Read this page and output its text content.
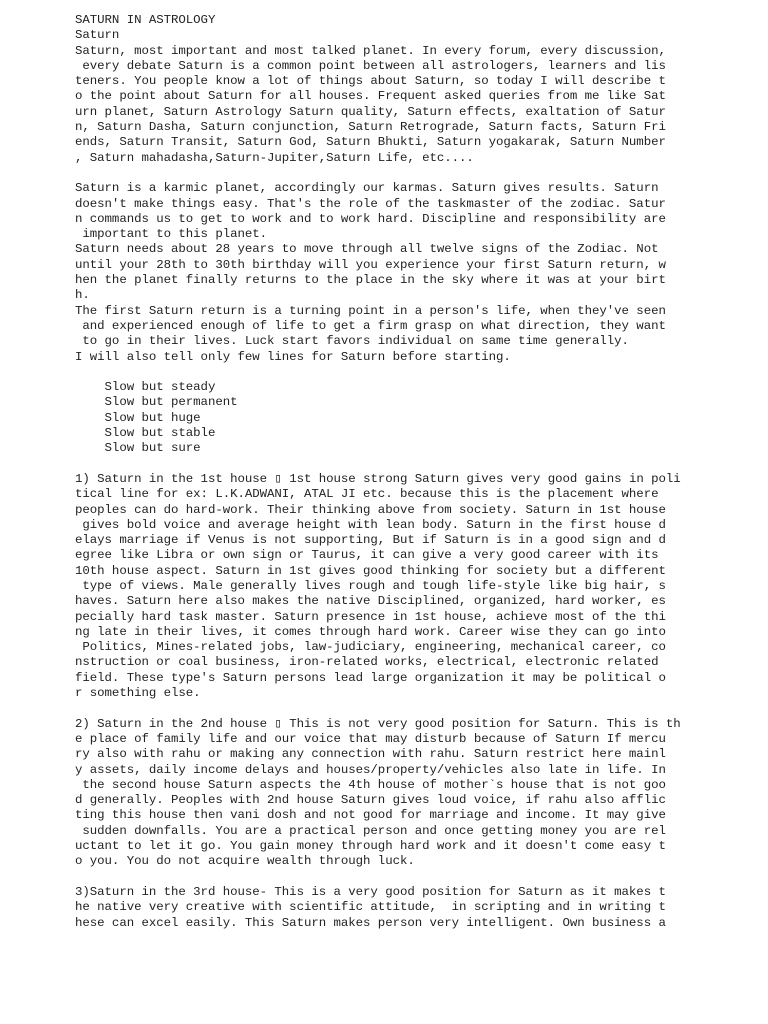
SATURN IN ASTROLOGY
Saturn
Saturn, most important and most talked planet. In every forum, every discussion,
every debate Saturn is a common point between all astrologers, learners and lis
teners. You people know a lot of things about Saturn, so today I will describe t
o the point about Saturn for all houses. Frequent asked queries from me like Sat
urn planet, Saturn Astrology Saturn quality, Saturn effects, exaltation of Satur
n, Saturn Dasha, Saturn conjunction, Saturn Retrograde, Saturn facts, Saturn Fri
ends, Saturn Transit, Saturn God, Saturn Bhukti, Saturn yogakarak, Saturn Number
, Saturn mahadasha,Saturn-Jupiter,Saturn Life, etc....
Saturn is a karmic planet, accordingly our karmas. Saturn gives results. Saturn
doesn't make things easy. That's the role of the taskmaster of the zodiac. Satur
n commands us to get to work and to work hard. Discipline and responsibility are
important to this planet.
Saturn needs about 28 years to move through all twelve signs of the Zodiac. Not
until your 28th to 30th birthday will you experience your first Saturn return, w
hen the planet finally returns to the place in the sky where it was at your birt
h.
The first Saturn return is a turning point in a person's life, when they've seen
and experienced enough of life to get a firm grasp on what direction, they want
to go in their lives. Luck start favors individual on same time generally.
I will also tell only few lines for Saturn before starting.
Slow but steady
Slow but permanent
Slow but huge
Slow but stable
Slow but sure
1) Saturn in the 1st house ▯ 1st house strong Saturn gives very good gains in poli
tical line for ex: L.K.ADWANI, ATAL JI etc. because this is the placement where
peoples can do hard-work. Their thinking above from society. Saturn in 1st house
gives bold voice and average height with lean body. Saturn in the first house d
elays marriage if Venus is not supporting, But if Saturn is in a good sign and d
egree like Libra or own sign or Taurus, it can give a very good career with its
10th house aspect. Saturn in 1st gives good thinking for society but a different
type of views. Male generally lives rough and tough life-style like big hair, s
haves. Saturn here also makes the native Disciplined, organized, hard worker, es
pecially hard task master. Saturn presence in 1st house, achieve most of the thi
ng late in their lives, it comes through hard work. Career wise they can go into
Politics, Mines-related jobs, law-judiciary, engineering, mechanical career, co
nstruction or coal business, iron-related works, electrical, electronic related
field. These type's Saturn persons lead large organization it may be political o
r something else.
2) Saturn in the 2nd house ▯ This is not very good position for Saturn. This is th
e place of family life and our voice that may disturb because of Saturn If mercu
ry also with rahu or making any connection with rahu. Saturn restrict here mainl
y assets, daily income delays and houses/property/vehicles also late in life. In
the second house Saturn aspects the 4th house of mother`s house that is not goo
d generally. Peoples with 2nd house Saturn gives loud voice, if rahu also afflic
ting this house then vani dosh and not good for marriage and income. It may give
sudden downfalls. You are a practical person and once getting money you are rel
uctant to let it go. You gain money through hard work and it doesn't come easy t
o you. You do not acquire wealth through luck.
3)Saturn in the 3rd house- This is a very good position for Saturn as it makes t
he native very creative with scientific attitude,  in scripting and in writing t
hese can excel easily. This Saturn makes person very intelligent. Own business a
